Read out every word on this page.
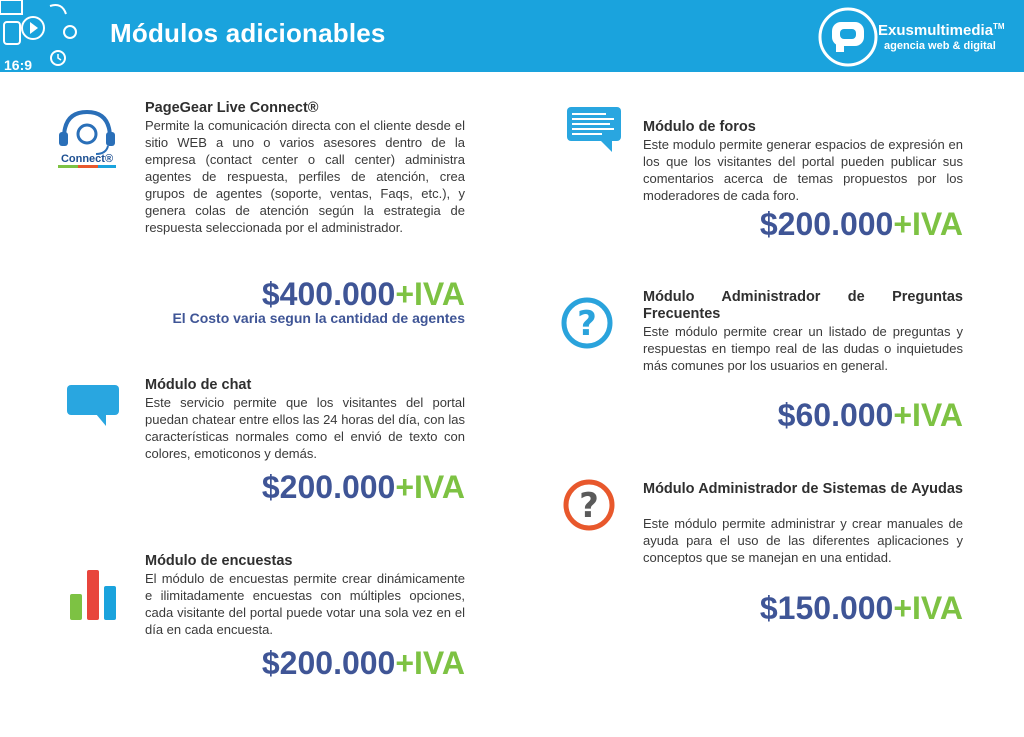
16:9
Módulos adicionables	Exusmultimedia™
agencia web & digital
Connect®
PageGear Live Connect®

Permite la comunicación directa con el cliente desde el sitio WEB a uno o varios asesores dentro de la empresa (contact center o call center) administra agentes de respuesta, perfiles de atención, crea grupos de agentes (soporte, ventas, Faqs, etc.), y genera colas de atención según la estrategia de respuesta seleccionada por el administrador.

$400.000+IVA
El Costo varia segun la cantidad de agentes
Módulo de chat

Este servicio permite que los visitantes del portal puedan chatear entre ellos las 24 horas del día, con las características normales como el envió de texto con colores, emoticonos y demás.

$200.000+IVA
Módulo de encuestas

El módulo de encuestas permite crear dinámicamente e ilimitadamente encuestas con múltiples opciones, cada visitante del portal puede votar una sola vez en el día en cada encuesta.

$200.000+IVA
Módulo de foros

Este modulo permite generar espacios de expresión en los que los visitantes del portal pueden publicar sus comentarios acerca de temas propuestos por los moderadores de cada foro.

$200.000+IVA
?
Módulo Administrador de Preguntas Frecuentes

Este módulo permite crear un listado de preguntas y respuestas en tiempo real de las dudas o inquietudes más comunes por los usuarios en general.

$60.000+IVA
?	Módulo Administrador de Sistemas de Ayudas

Este módulo permite administrar y crear manuales de ayuda para el uso de las diferentes aplicaciones y conceptos que se manejan en una entidad.

$150.000+IVA
